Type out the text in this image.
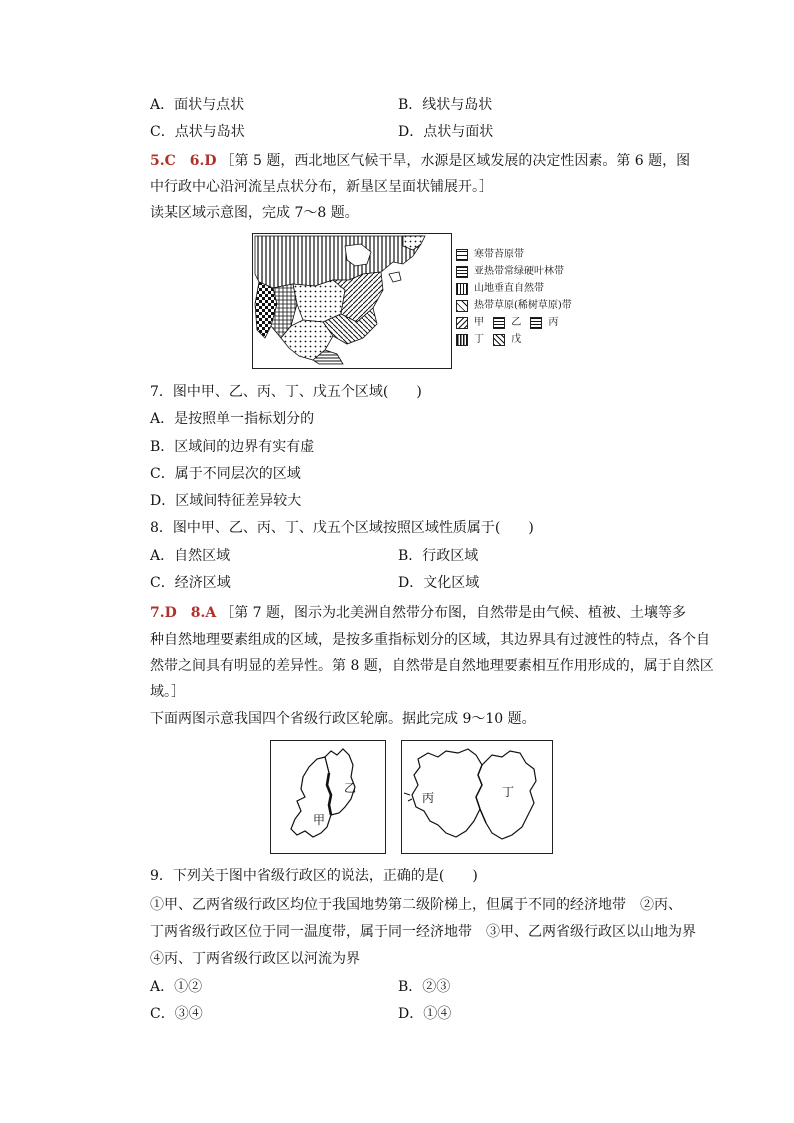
A．面状与点状	B．线状与岛状
C．点状与岛状	D．点状与面状
5.C　6.D ［第 5 题，西北地区气候干旱，水源是区域发展的决定性因素。第 6 题，图
中行政中心沿河流呈点状分布，新垦区呈面状铺展开。］
读某区域示意图，完成 7～8 题。
寒带苔原带
亚热带常绿硬叶林带
山地垂直自然带
热带草原(稀树草原)带
甲	乙	丙
丁	戊
7．图中甲、乙、丙、丁、戊五个区域(　　)
A．是按照单一指标划分的
B．区域间的边界有实有虚
C．属于不同层次的区域
D．区域间特征差异较大
8．图中甲、乙、丙、丁、戊五个区域按照区域性质属于(　　)
A．自然区域	B．行政区域
C．经济区域	D．文化区域
7.D　8.A ［第 7 题，图示为北美洲自然带分布图，自然带是由气候、植被、土壤等多
种自然地理要素组成的区域，是按多重指标划分的区域，其边界具有过渡性的特点，各个自
然带之间具有明显的差异性。第 8 题，自然带是自然地理要素相互作用形成的，属于自然区
域。］
下面两图示意我国四个省级行政区轮廓。据此完成 9～10 题。
乙
甲
丙	丁
9．下列关于图中省级行政区的说法，正确的是(　　)
①甲、乙两省级行政区均位于我国地势第二级阶梯上，但属于不同的经济地带　②丙、
丁两省级行政区位于同一温度带，属于同一经济地带　③甲、乙两省级行政区以山地为界
④丙、丁两省级行政区以河流为界
A．①②	B．②③
C．③④	D．①④
